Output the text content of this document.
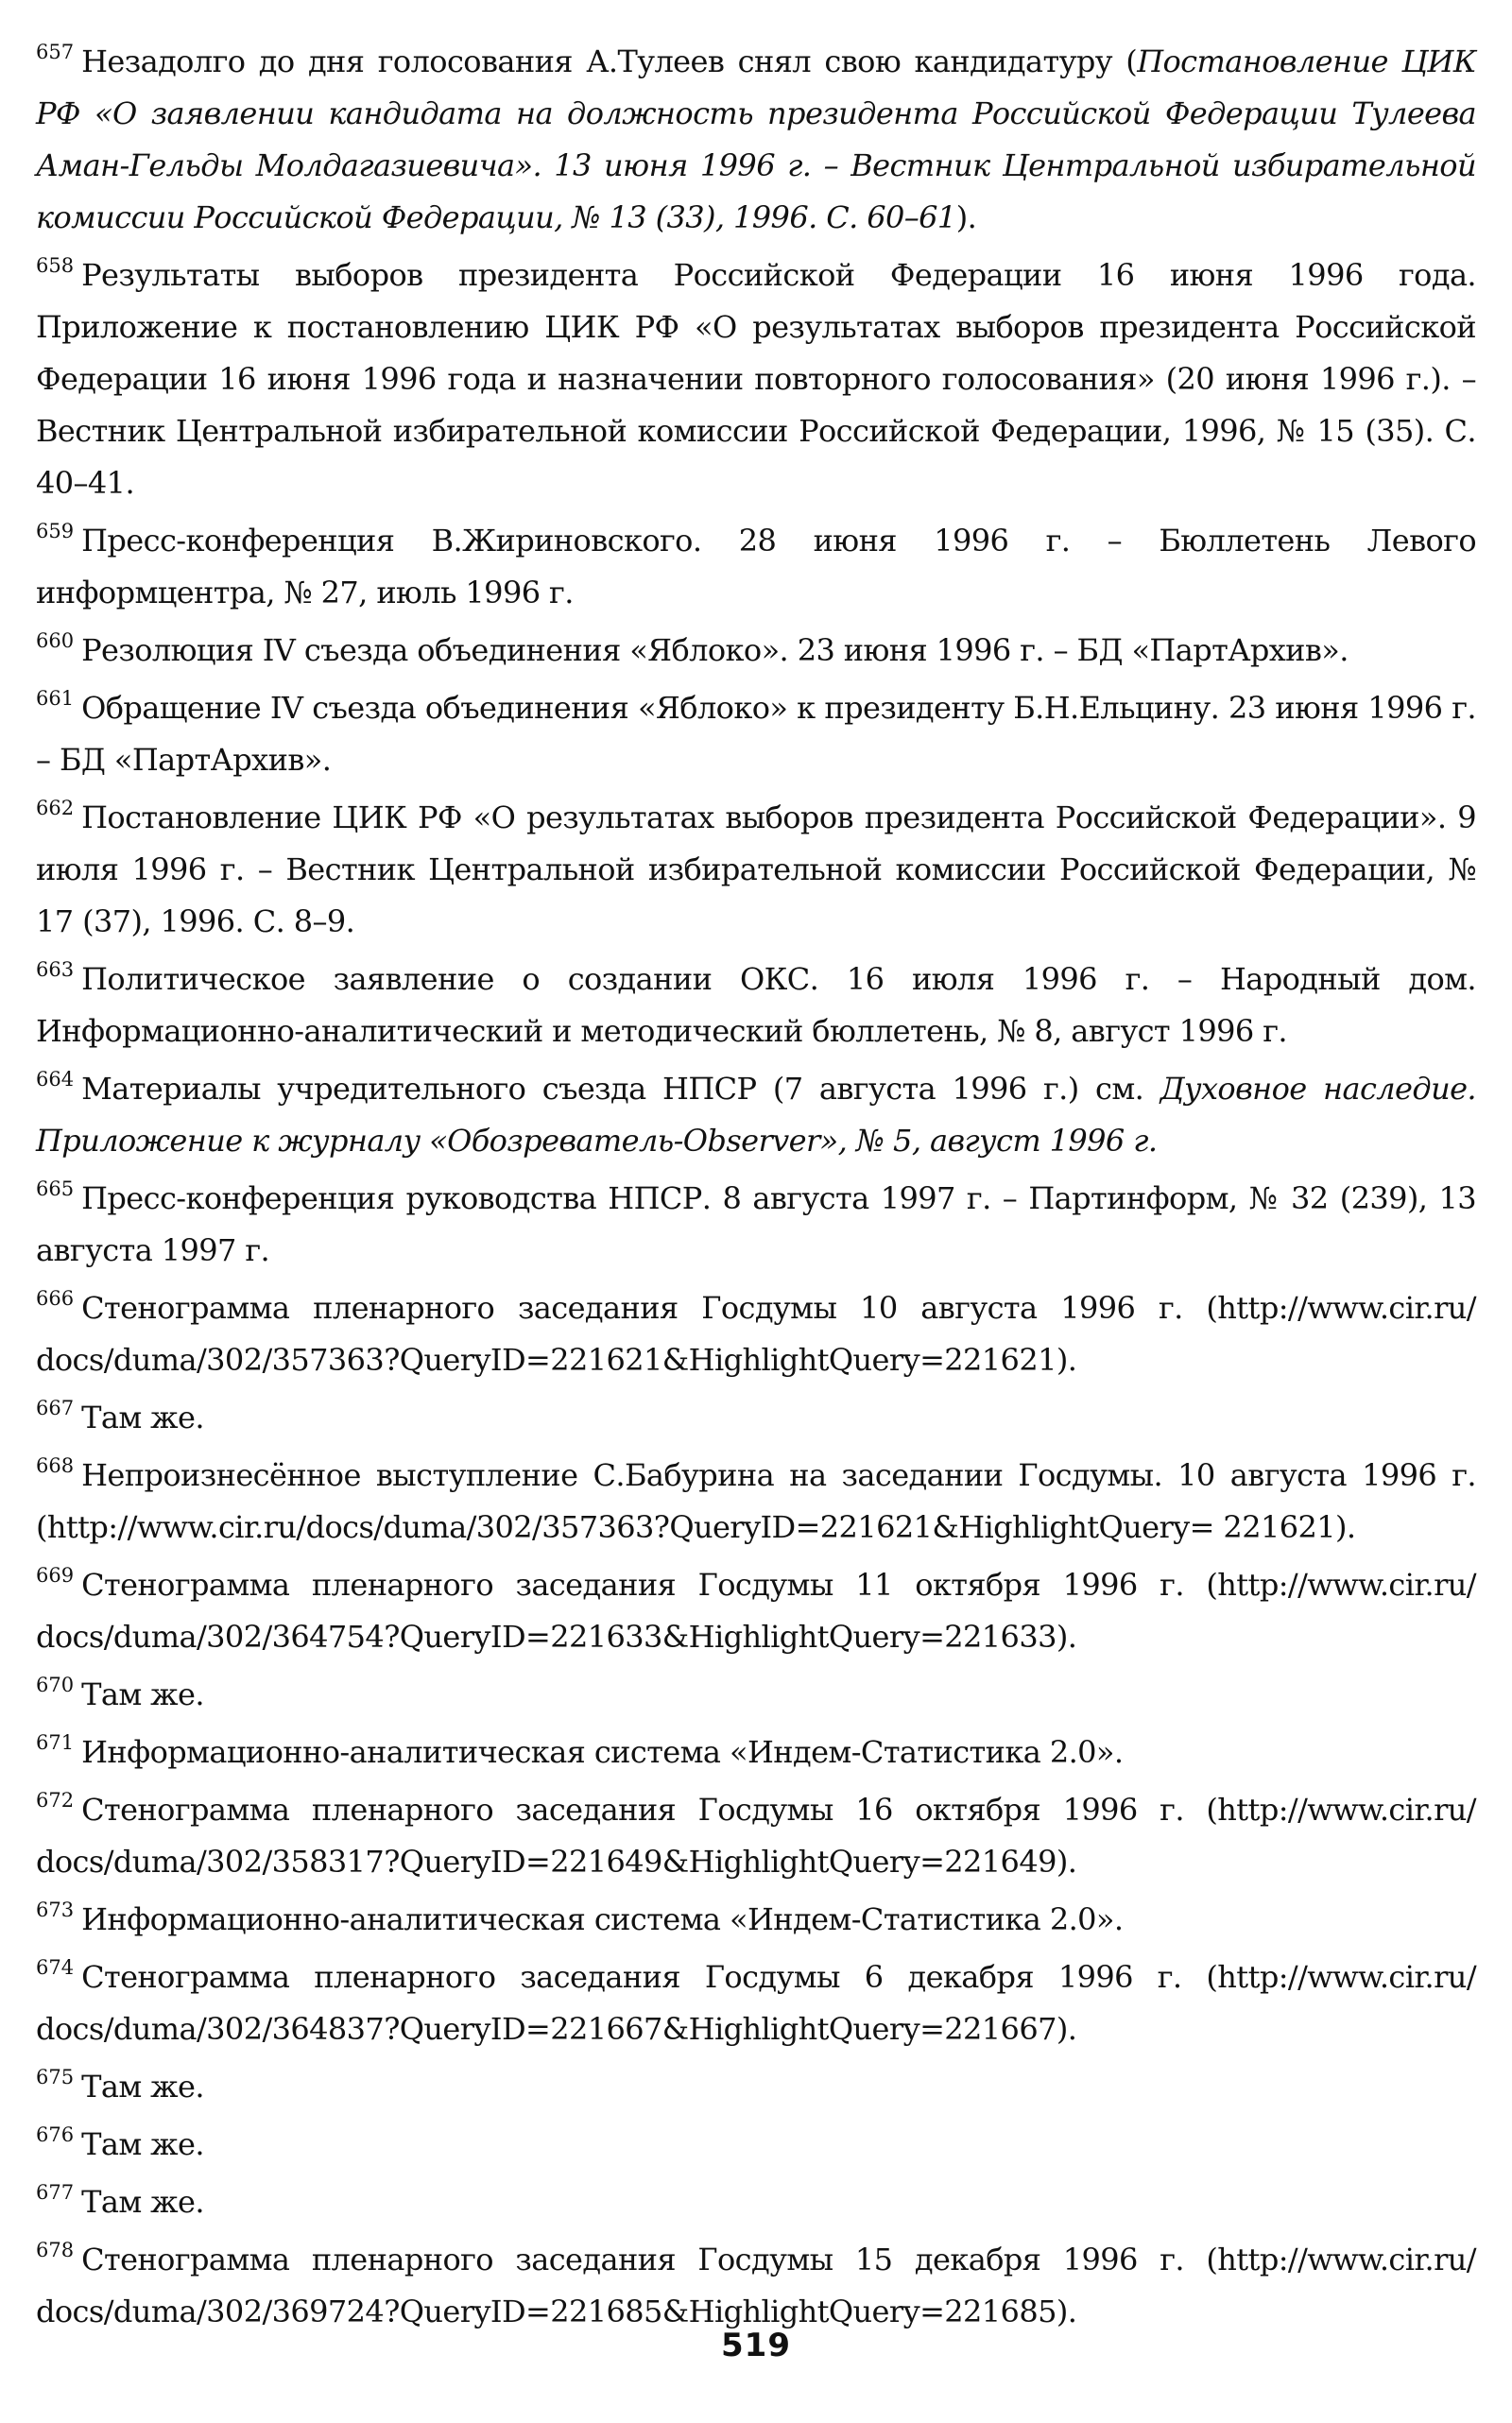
$^{657}$ Незадолго до дня голосования А.Тулеев снял свою кандидатуру (Постановление ЦИК РФ «О заявлении кандидата на должность президента Российской Федерации Тулеева Аман-Гельды Молдагазиевича». 13 июня 1996 г. – Вестник Центральной избирательной комиссии Российской Федерации, № 13 (33), 1996. С. 60–61).

$^{658}$ Результаты выборов президента Российской Федерации 16 июня 1996 года. Приложение к постановлению ЦИК РФ «О результатах выборов президента Российской Федерации 16 июня 1996 года и назначении повторного голосования» (20 июня 1996 г.). – Вестник Центральной избирательной комиссии Российской Федерации, 1996, № 15 (35). С. 40–41.

$^{659}$ Пресс-конференция В.Жириновского. 28 июня 1996 г. – Бюллетень Левого информцентра, № 27, июль 1996 г.

$^{660}$ Резолюция IV съезда объединения «Яблоко». 23 июня 1996 г. – БД «ПартАрхив».

$^{661}$ Обращение IV съезда объединения «Яблоко» к президенту Б.Н.Ельцину. 23 июня 1996 г. – БД «ПартАрхив».

$^{662}$ Постановление ЦИК РФ «О результатах выборов президента Российской Федерации». 9 июля 1996 г. – Вестник Центральной избирательной комиссии Российской Федерации, № 17 (37), 1996. С. 8–9.

$^{663}$ Политическое заявление о создании ОКС. 16 июля 1996 г. – Народный дом. Информационно-аналитический и методический бюллетень, № 8, август 1996 г.

$^{664}$ Материалы учредительного съезда НПСР (7 августа 1996 г.) см. Духовное наследие. Приложение к журналу «Обозреватель-Observer», № 5, август 1996 г.

$^{665}$ Пресс-конференция руководства НПСР. 8 августа 1997 г. – Партинформ, № 32 (239), 13 августа 1997 г.

$^{666}$ Стенограмма пленарного заседания Госдумы 10 августа 1996 г. (http://www.cir.ru/ docs/duma/302/357363?QueryID=221621&HighlightQuery=221621).

$^{667}$ Там же.

$^{668}$ Непроизнесённое выступление С.Бабурина на заседании Госдумы. 10 августа 1996 г. (http://www.cir.ru/docs/duma/302/357363?QueryID=221621&HighlightQuery= 221621).

$^{669}$ Стенограмма пленарного заседания Госдумы 11 октября 1996 г. (http://www.cir.ru/ docs/duma/302/364754?QueryID=221633&HighlightQuery=221633).

$^{670}$ Там же.

$^{671}$ Информационно-аналитическая система «Индем-Статистика 2.0».

$^{672}$ Стенограмма пленарного заседания Госдумы 16 октября 1996 г. (http://www.cir.ru/ docs/duma/302/358317?QueryID=221649&HighlightQuery=221649).

$^{673}$ Информационно-аналитическая система «Индем-Статистика 2.0».

$^{674}$ Стенограмма пленарного заседания Госдумы 6 декабря 1996 г. (http://www.cir.ru/ docs/duma/302/364837?QueryID=221667&HighlightQuery=221667).

$^{675}$ Там же.

$^{676}$ Там же.

$^{677}$ Там же.

$^{678}$ Стенограмма пленарного заседания Госдумы 15 декабря 1996 г. (http://www.cir.ru/ docs/duma/302/369724?QueryID=221685&HighlightQuery=221685).

519
